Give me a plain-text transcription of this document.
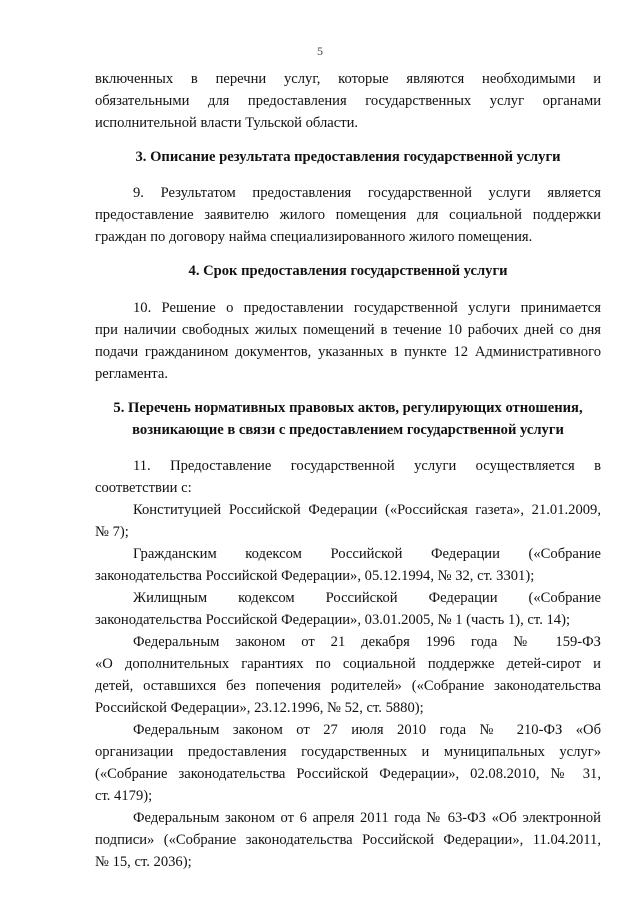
5
включенных в перечни услуг, которые являются необходимыми и
обязательными для предоставления государственных услуг органами
исполнительной власти Тульской области.
3. Описание результата предоставления государственной услуги
9. Результатом предоставления государственной услуги является
предоставление заявителю жилого помещения для социальной поддержки
граждан по договору найма специализированного жилого помещения.
4. Срок предоставления государственной услуги
10. Решение о предоставлении государственной услуги принимается
при наличии свободных жилых помещений в течение 10 рабочих дней со дня
подачи гражданином документов, указанных в пункте 12 Административного
регламента.
5. Перечень нормативных правовых актов, регулирующих отношения,
возникающие в связи с предоставлением государственной услуги
11. Предоставление государственной услуги осуществляется в
соответствии с:
Конституцией Российской Федерации («Российская газета», 21.01.2009,
№ 7);
Гражданским кодексом Российской Федерации («Собрание
законодательства Российской Федерации», 05.12.1994, № 32, ст. 3301);
Жилищным кодексом Российской Федерации («Собрание
законодательства Российской Федерации», 03.01.2005, № 1 (часть 1), ст. 14);
Федеральным законом от 21 декабря 1996 года № 159-ФЗ
«О дополнительных гарантиях по социальной поддержке детей-сирот и
детей, оставшихся без попечения родителей» («Собрание законодательства
Российской Федерации», 23.12.1996, № 52, ст. 5880);
Федеральным законом от 27 июля 2010 года № 210-ФЗ «Об
организации предоставления государственных и муниципальных услуг»
(«Собрание законодательства Российской Федерации», 02.08.2010, № 31,
ст. 4179);
Федеральным законом от 6 апреля 2011 года № 63-ФЗ «Об электронной
подписи» («Собрание законодательства Российской Федерации», 11.04.2011,
№ 15, ст. 2036);
